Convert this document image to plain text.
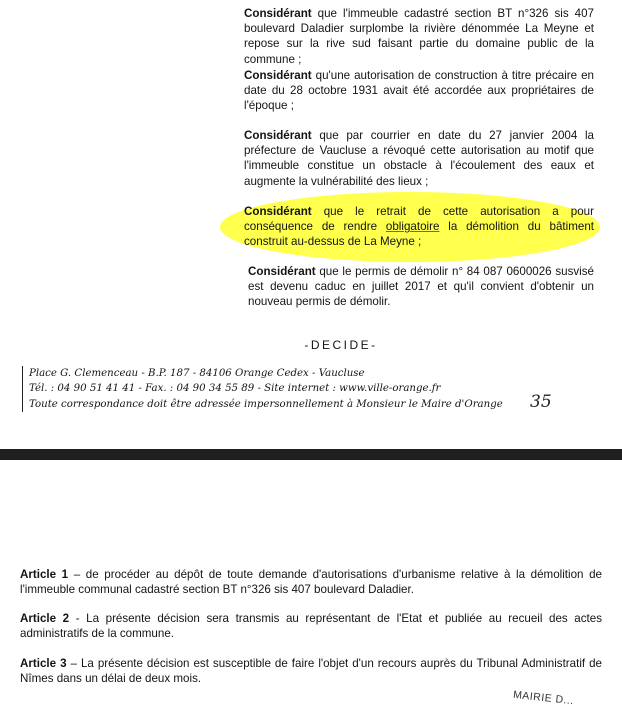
Considérant que l'immeuble cadastré section BT n°326 sis 407 boulevard Daladier surplombe la rivière dénommée La Meyne et repose sur la rive sud faisant partie du domaine public de la commune ;
Considérant qu'une autorisation de construction à titre précaire en date du 28 octobre 1931 avait été accordée aux propriétaires de l'époque ;
Considérant que par courrier en date du 27 janvier 2004 la préfecture de Vaucluse a révoqué cette autorisation au motif que l'immeuble constitue un obstacle à l'écoulement des eaux et augmente la vulnérabilité des lieux ;
Considérant que le retrait de cette autorisation a pour conséquence de rendre obligatoire la démolition du bâtiment construit au-dessus de La Meyne ;
Considérant que le permis de démolir n° 84 087 0600026 susvisé est devenu caduc en juillet 2017 et qu'il convient d'obtenir un nouveau permis de démolir.
-DECIDE-
Place G. Clemenceau - B.P. 187 - 84106 Orange Cedex - Vaucluse
Tél. : 04 90 51 41 41 - Fax. : 04 90 34 55 89 - Site internet : www.ville-orange.fr
Toute correspondance doit être adressée impersonnellement à Monsieur le Maire d'Orange 35
Article 1 – de procéder au dépôt de toute demande d'autorisations d'urbanisme relative à la démolition de l'immeuble communal cadastré section BT n°326 sis 407 boulevard Daladier.
Article 2 - La présente décision sera transmis au représentant de l'Etat et publiée au recueil des actes administratifs de la commune.
Article 3 – La présente décision est susceptible de faire l'objet d'un recours auprès du Tribunal Administratif de Nîmes dans un délai de deux mois.
MAIRIE D...
